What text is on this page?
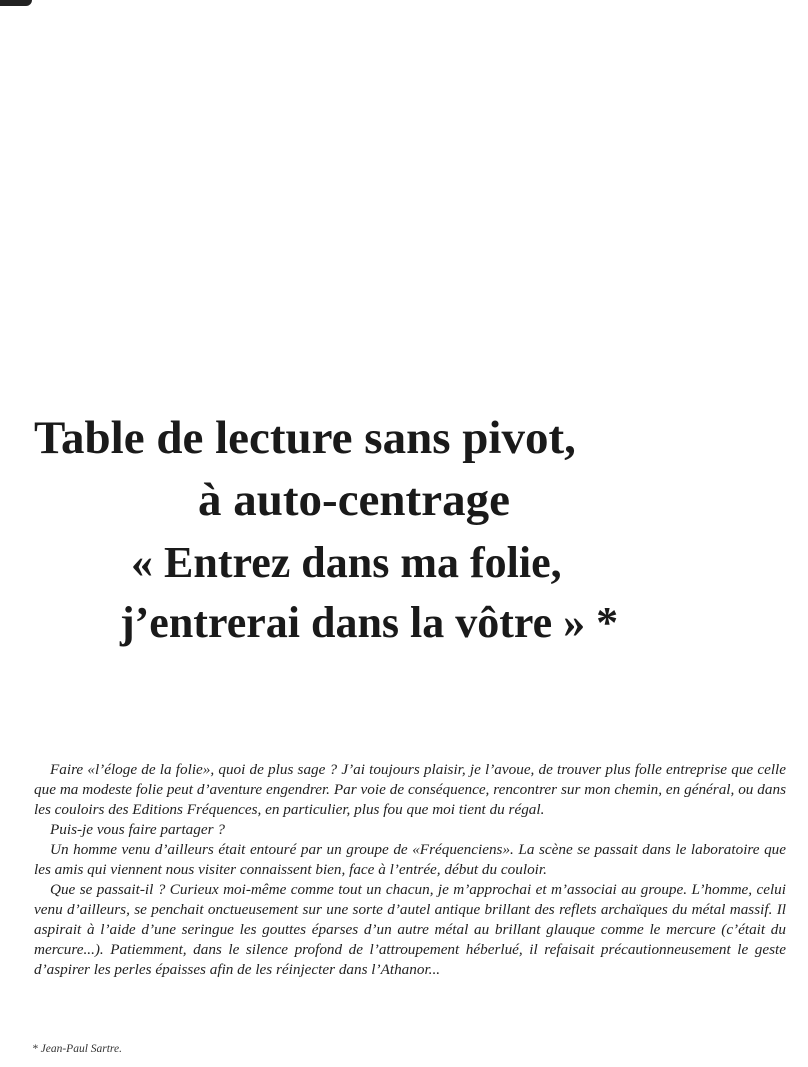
Table de lecture sans pivot,
à auto-centrage
« Entrez dans ma folie,
j’entrerai dans la vôtre » *

Faire «l’éloge de la folie», quoi de plus sage ? J’ai toujours plaisir, je l’avoue, de trouver plus folle entreprise que celle que ma modeste folie peut d’aventure engendrer. Par voie de conséquence, rencontrer sur mon chemin, en général, ou dans les couloirs des Editions Fréquences, en particulier, plus fou que moi tient du régal.

Puis-je vous faire partager ?

Un homme venu d’ailleurs était entouré par un groupe de «Fréquenciens». La scène se passait dans le laboratoire que les amis qui viennent nous visiter connaissent bien, face à l’entrée, début du couloir.

Que se passait-il ? Curieux moi-même comme tout un chacun, je m’approchai et m’associai au groupe. L’homme, celui venu d’ailleurs, se penchait onctueusement sur une sorte d’autel antique brillant des reflets archaïques du métal massif. Il aspirait à l’aide d’une seringue les gouttes éparses d’un autre métal au brillant glauque comme le mercure (c’était du mercure...). Patiemment, dans le silence profond de l’attroupement héberlué, il refaisait précautionneusement le geste d’aspirer les perles épaisses afin de les réinjecter dans l’Athanor...

* Jean-Paul Sartre.
